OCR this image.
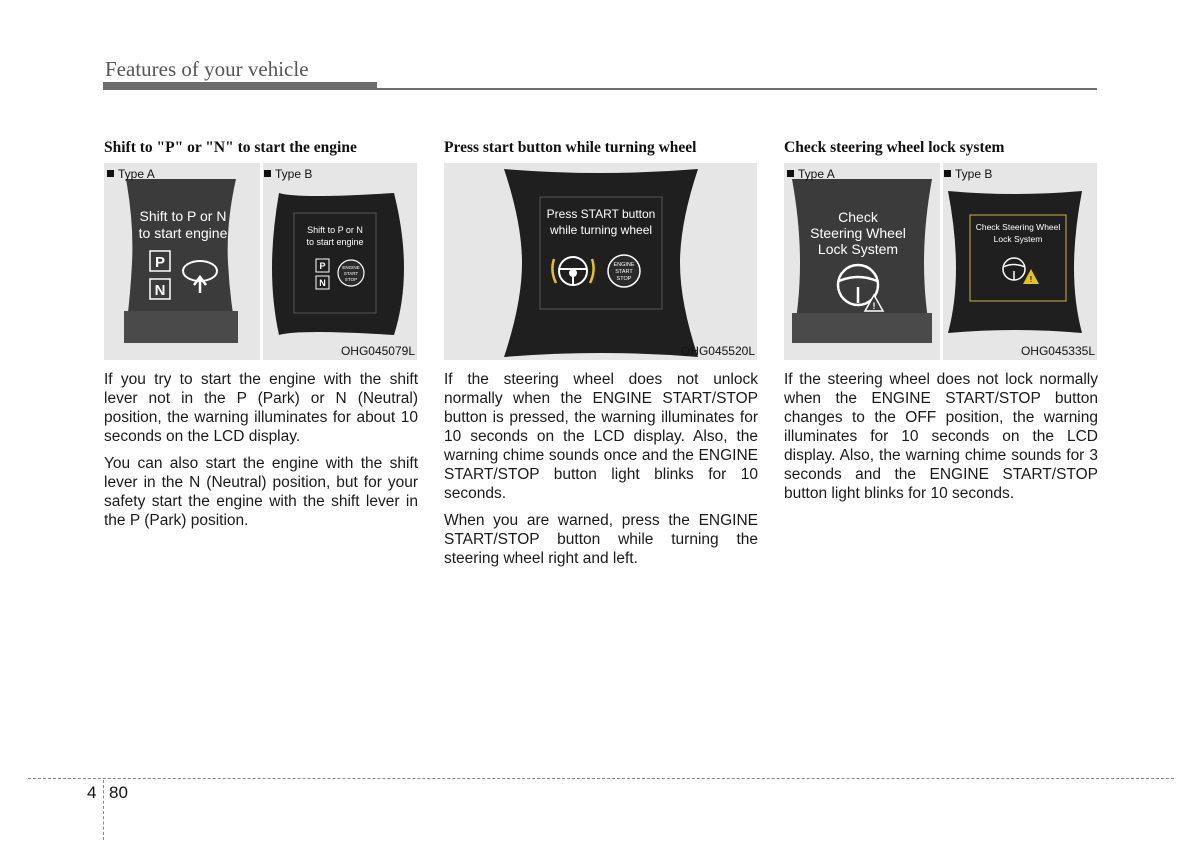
Features of your vehicle
Shift to "P" or "N" to start the engine
Shift to P or N
to start engine
P
N
Shift to P or N
to start engine
P
N
ENGINE
START
STOP
Type A	Type B
OHG045079L

If you try to start the engine with the shift lever not in the P (Park) or N (Neutral) position, the warning illuminates for about 10 seconds on the LCD display.

You can also start the engine with the shift lever in the N (Neutral) position, but for your safety start the engine with the shift lever in the P (Park) position.

Press start button while turning wheel
Press START button
while turning wheel
ENGINE
START
STOP
OHG045520L

If the steering wheel does not unlock normally when the ENGINE START/STOP button is pressed, the warning illuminates for 10 seconds on the LCD display. Also, the warning chime sounds once and the ENGINE START/STOP button light blinks for 10 seconds.

When you are warned, press the ENGINE START/STOP button while turning the steering wheel right and left.

Check steering wheel lock system
Check
Steering Wheel
Lock System
!
Check Steering Wheel
Lock System
!
Type A	Type B
OHG045335L

If the steering wheel does not lock normally when the ENGINE START/STOP button changes to the OFF position, the warning illuminates for 10 seconds on the LCD display. Also, the warning chime sounds for 3 seconds and the ENGINE START/STOP button light blinks for 10 seconds.

4 80
